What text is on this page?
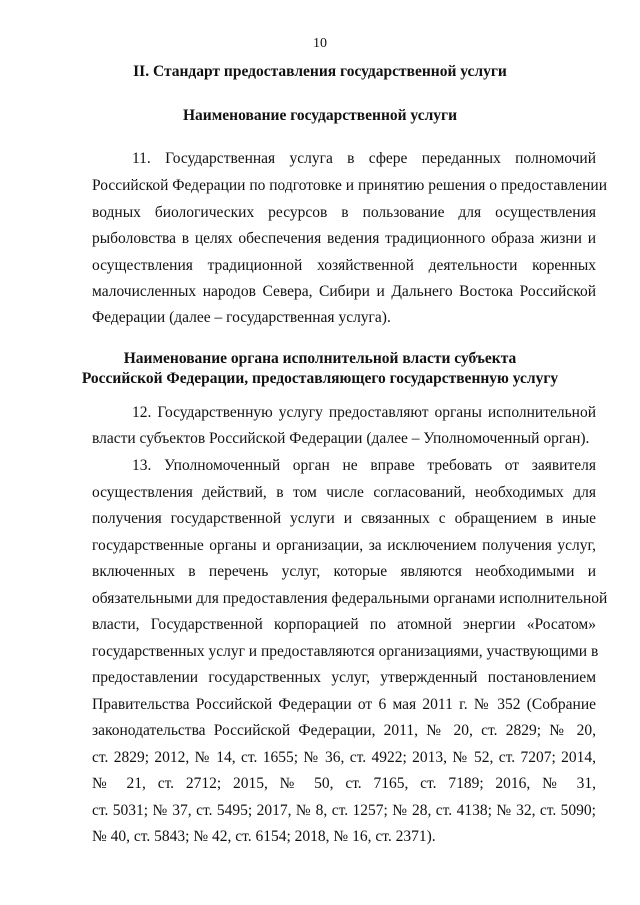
10
II. Стандарт предоставления государственной услуги
Наименование государственной услуги
11. Государственная услуга в сфере переданных полномочий
Российской Федерации по подготовке и принятию решения о предоставлении
водных биологических ресурсов в пользование для осуществления
рыболовства в целях обеспечения ведения традиционного образа жизни и
осуществления традиционной хозяйственной деятельности коренных
малочисленных народов Севера, Сибири и Дальнего Востока Российской
Федерации (далее – государственная услуга).
Наименование органа исполнительной власти субъекта
Российской Федерации, предоставляющего государственную услугу
12. Государственную услугу предоставляют органы исполнительной
власти субъектов Российской Федерации (далее – Уполномоченный орган).
13. Уполномоченный орган не вправе требовать от заявителя
осуществления действий, в том числе согласований, необходимых для
получения государственной услуги и связанных с обращением в иные
государственные органы и организации, за исключением получения услуг,
включенных в перечень услуг, которые являются необходимыми и
обязательными для предоставления федеральными органами исполнительной
власти, Государственной корпорацией по атомной энергии «Росатом»
государственных услуг и предоставляются организациями, участвующими в
предоставлении государственных услуг, утвержденный постановлением
Правительства Российской Федерации от 6 мая 2011 г. № 352 (Собрание
законодательства Российской Федерации, 2011, № 20, ст. 2829; № 20,
ст. 2829; 2012, № 14, ст. 1655; № 36, ст. 4922; 2013, № 52, ст. 7207; 2014,
№ 21, ст. 2712; 2015, № 50, ст. 7165, ст. 7189; 2016, № 31,
ст. 5031; № 37, ст. 5495; 2017, № 8, ст. 1257; № 28, ст. 4138; № 32, ст. 5090;
№ 40, ст. 5843; № 42, ст. 6154; 2018, № 16, ст. 2371).
